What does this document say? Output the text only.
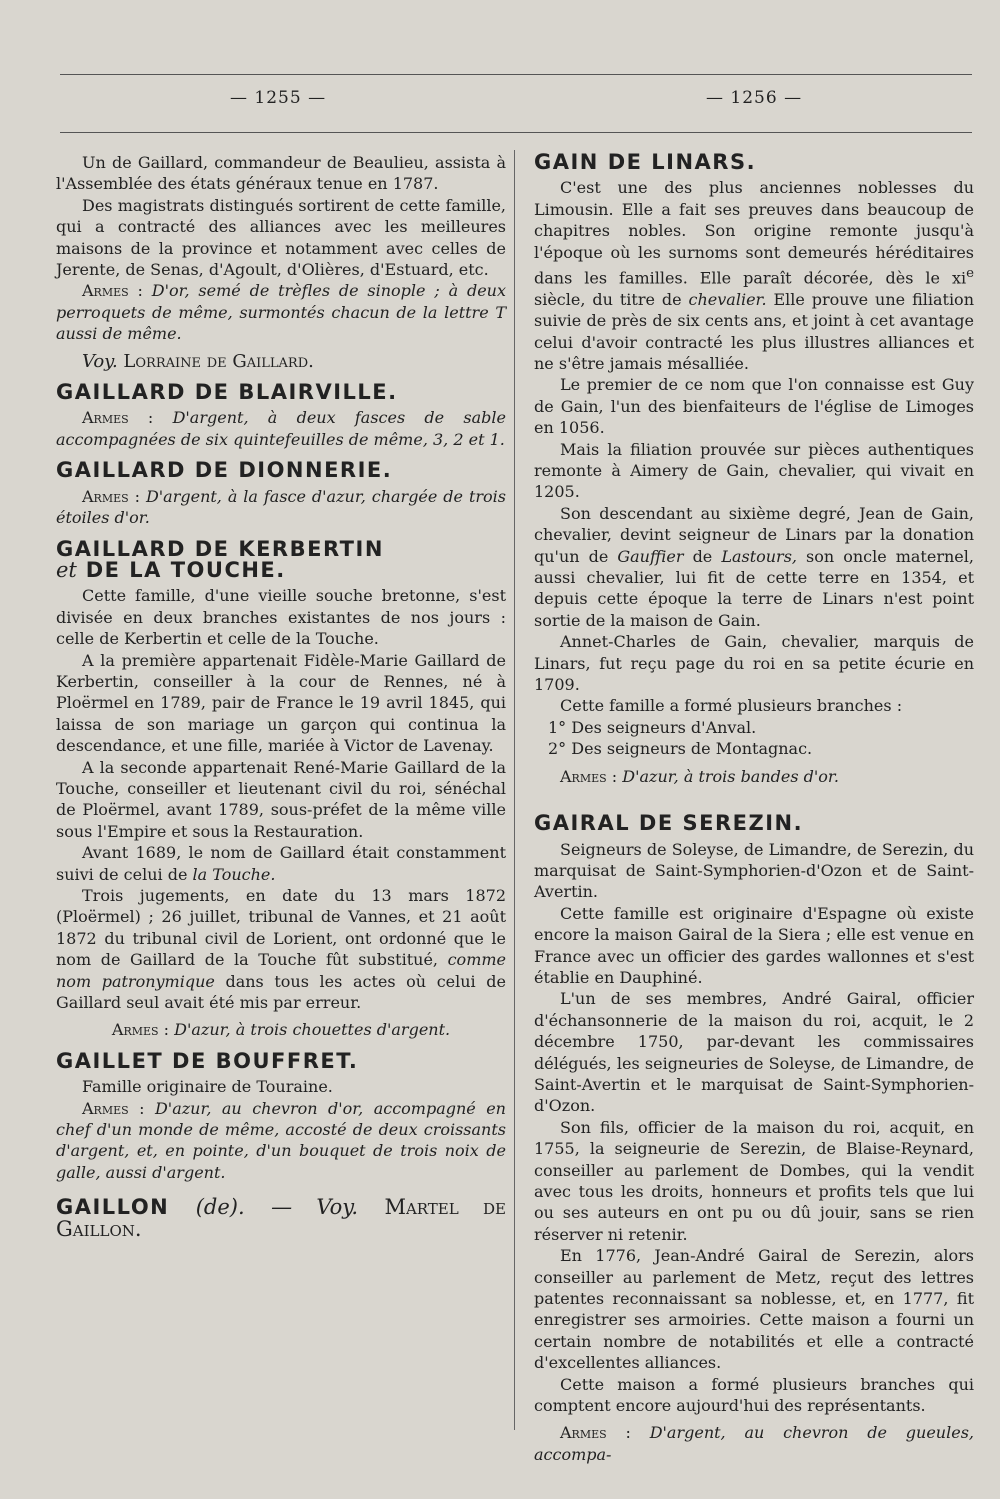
— 1255 —	— 1256 —

Un de Gaillard, commandeur de Beaulieu, assista à l'Assemblée des états généraux tenue en 1787.

Des magistrats distingués sortirent de cette famille, qui a contracté des alliances avec les meilleures maisons de la province et notamment avec celles de Jerente, de Senas, d'Agoult, d'Olières, d'Estuard, etc.

Armes : D'or, semé de trèfles de sinople ; à deux perroquets de même, surmontés chacun de la lettre T aussi de même.

Voy. Lorraine de Gaillard.

GAILLARD DE BLAIRVILLE.

Armes : D'argent, à deux fasces de sable accompagnées de six quintefeuilles de même, 3, 2 et 1.

GAILLARD DE DIONNERIE.

Armes : D'argent, à la fasce d'azur, chargée de trois étoiles d'or.

GAILLARD DE KERBERTIN
et DE LA TOUCHE.

Cette famille, d'une vieille souche bretonne, s'est divisée en deux branches existantes de nos jours : celle de Kerbertin et celle de la Touche.

A la première appartenait Fidèle-Marie Gaillard de Kerbertin, conseiller à la cour de Rennes, né à Ploërmel en 1789, pair de France le 19 avril 1845, qui laissa de son mariage un garçon qui continua la descendance, et une fille, mariée à Victor de Lavenay.

A la seconde appartenait René-Marie Gaillard de la Touche, conseiller et lieutenant civil du roi, sénéchal de Ploërmel, avant 1789, sous-préfet de la même ville sous l'Empire et sous la Restauration.

Avant 1689, le nom de Gaillard était constamment suivi de celui de la Touche.

Trois jugements, en date du 13 mars 1872 (Ploërmel) ; 26 juillet, tribunal de Vannes, et 21 août 1872 du tribunal civil de Lorient, ont ordonné que le nom de Gaillard de la Touche fût substitué, comme nom patronymique dans tous les actes où celui de Gaillard seul avait été mis par erreur.

Armes : D'azur, à trois chouettes d'argent.

GAILLET DE BOUFFRET.

Famille originaire de Touraine.

Armes : D'azur, au chevron d'or, accompagné en chef d'un monde de même, accosté de deux croissants d'argent, et, en pointe, d'un bouquet de trois noix de galle, aussi d'argent.

GAILLON (de). — Voy. Martel de Gaillon.
GAIN DE LINARS.

C'est une des plus anciennes noblesses du Limousin. Elle a fait ses preuves dans beaucoup de chapitres nobles. Son origine remonte jusqu'à l'époque où les surnoms sont demeurés héréditaires dans les familles. Elle paraît décorée, dès le $xi^e$ siècle, du titre de chevalier. Elle prouve une filiation suivie de près de six cents ans, et joint à cet avantage celui d'avoir contracté les plus illustres alliances et ne s'être jamais mésalliée.

Le premier de ce nom que l'on connaisse est Guy de Gain, l'un des bienfaiteurs de l'église de Limoges en 1056.

Mais la filiation prouvée sur pièces authentiques remonte à Aimery de Gain, chevalier, qui vivait en 1205.

Son descendant au sixième degré, Jean de Gain, chevalier, devint seigneur de Linars par la donation qu'un de Gauffier de Lastours, son oncle maternel, aussi chevalier, lui fit de cette terre en 1354, et depuis cette époque la terre de Linars n'est point sortie de la maison de Gain.

Annet-Charles de Gain, chevalier, marquis de Linars, fut reçu page du roi en sa petite écurie en 1709.

Cette famille a formé plusieurs branches :

1° Des seigneurs d'Anval.

2° Des seigneurs de Montagnac.

Armes : D'azur, à trois bandes d'or.

GAIRAL DE SEREZIN.

Seigneurs de Soleyse, de Limandre, de Serezin, du marquisat de Saint-Symphorien-d'Ozon et de Saint-Avertin.

Cette famille est originaire d'Espagne où existe encore la maison Gairal de la Siera ; elle est venue en France avec un officier des gardes wallonnes et s'est établie en Dauphiné.

L'un de ses membres, André Gairal, officier d'échansonnerie de la maison du roi, acquit, le 2 décembre 1750, par-devant les commissaires délégués, les seigneuries de Soleyse, de Limandre, de Saint-Avertin et le marquisat de Saint-Symphorien-d'Ozon.

Son fils, officier de la maison du roi, acquit, en 1755, la seigneurie de Serezin, de Blaise-Reynard, conseiller au parlement de Dombes, qui la vendit avec tous les droits, honneurs et profits tels que lui ou ses auteurs en ont pu ou dû jouir, sans se rien réserver ni retenir.

En 1776, Jean-André Gairal de Serezin, alors conseiller au parlement de Metz, reçut des lettres patentes reconnaissant sa noblesse, et, en 1777, fit enregistrer ses armoiries. Cette maison a fourni un certain nombre de notabilités et elle a contracté d'excellentes alliances.

Cette maison a formé plusieurs branches qui comptent encore aujourd'hui des représentants.

Armes : D'argent, au chevron de gueules, accompa-
